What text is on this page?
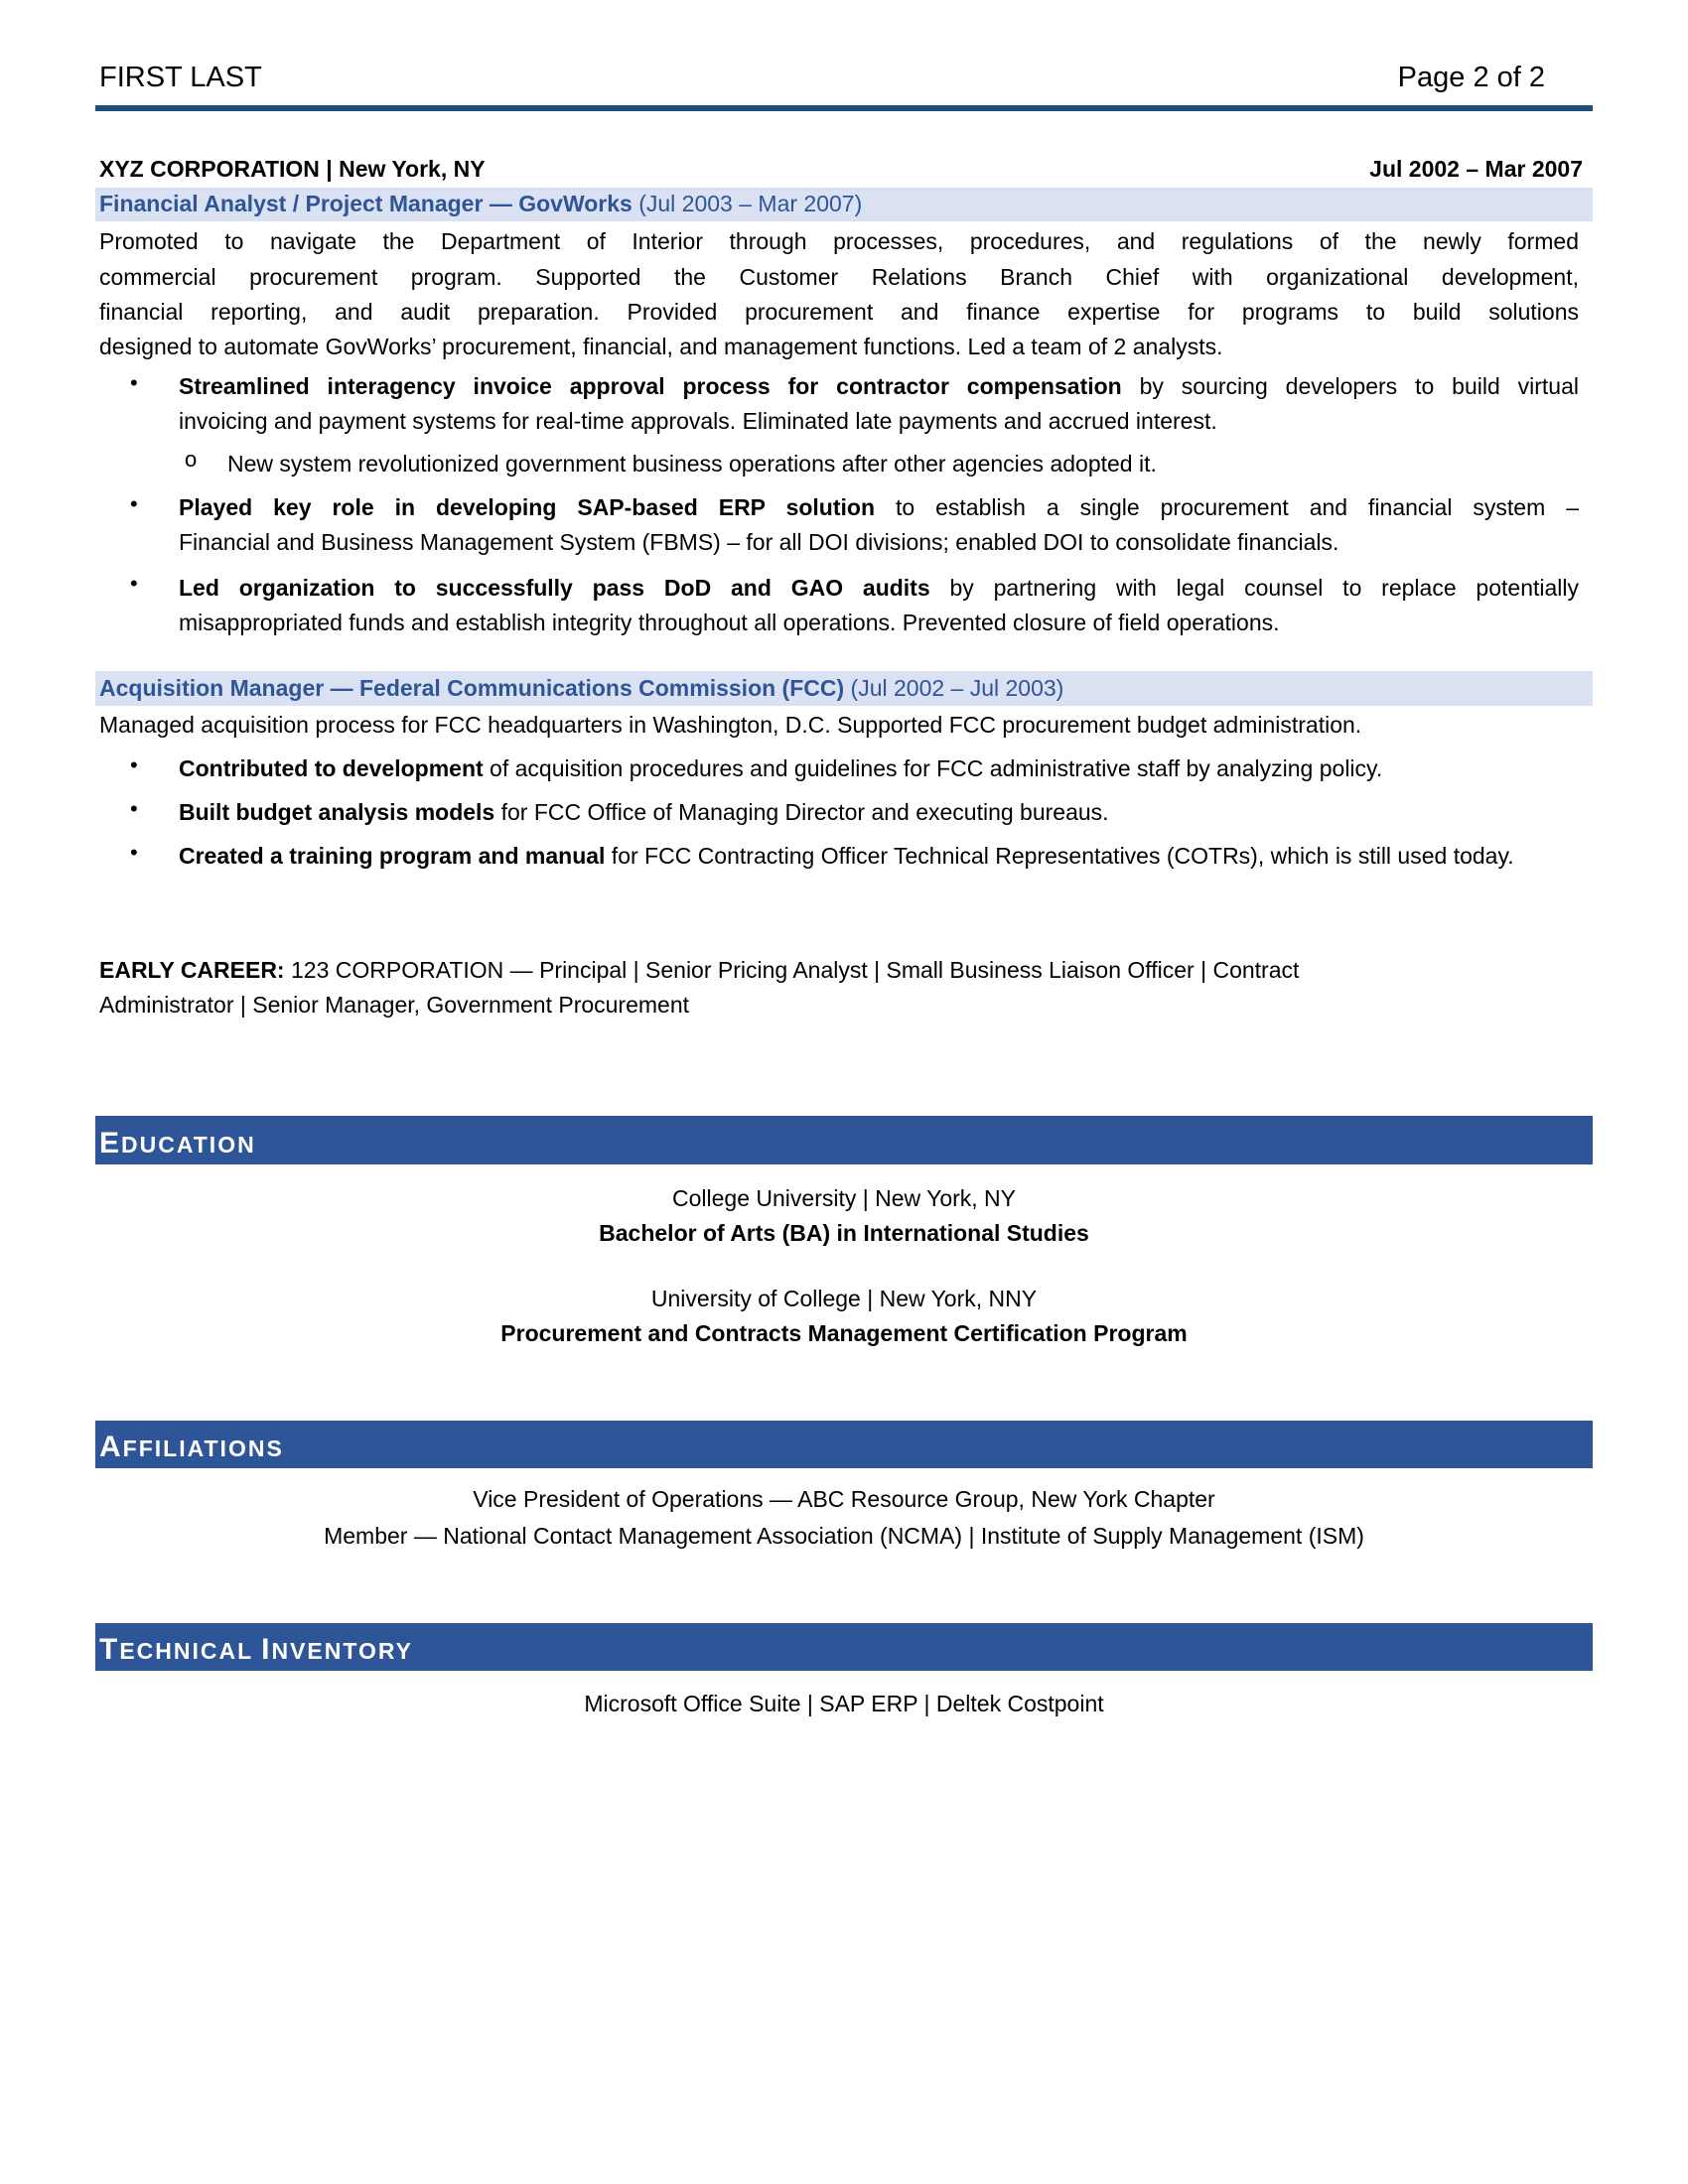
FIRST LAST	Page 2 of 2
XYZ CORPORATION | New York, NY	Jul 2002 – Mar 2007
Financial Analyst / Project Manager — GovWorks (Jul 2003 – Mar 2007)
Promoted to navigate the Department of Interior through processes, procedures, and regulations of the newly formed
commercial procurement program. Supported the Customer Relations Branch Chief with organizational development,
financial reporting, and audit preparation. Provided procurement and finance expertise for programs to build solutions
designed to automate GovWorks’ procurement, financial, and management functions. Led a team of 2 analysts.
• Streamlined interagency invoice approval process for contractor compensation by sourcing developers to build virtual
invoicing and payment systems for real-time approvals. Eliminated late payments and accrued interest.
o New system revolutionized government business operations after other agencies adopted it.
• Played key role in developing SAP-based ERP solution to establish a single procurement and financial system –
Financial and Business Management System (FBMS) – for all DOI divisions; enabled DOI to consolidate financials.
• Led organization to successfully pass DoD and GAO audits by partnering with legal counsel to replace potentially
misappropriated funds and establish integrity throughout all operations. Prevented closure of field operations.
Acquisition Manager — Federal Communications Commission (FCC) (Jul 2002 – Jul 2003)
Managed acquisition process for FCC headquarters in Washington, D.C. Supported FCC procurement budget administration.
• Contributed to development of acquisition procedures and guidelines for FCC administrative staff by analyzing policy.
• Built budget analysis models for FCC Office of Managing Director and executing bureaus.
• Created a training program and manual for FCC Contracting Officer Technical Representatives (COTRs), which is still used today.
EARLY CAREER: 123 CORPORATION — Principal | Senior Pricing Analyst | Small Business Liaison Officer | Contract
Administrator | Senior Manager, Government Procurement
EDUCATION
College University | New York, NY
Bachelor of Arts (BA) in International Studies
University of College | New York, NNY
Procurement and Contracts Management Certification Program
AFFILIATIONS
Vice President of Operations — ABC Resource Group, New York Chapter
Member — National Contact Management Association (NCMA) | Institute of Supply Management (ISM)
TECHNICAL INVENTORY
Microsoft Office Suite | SAP ERP | Deltek Costpoint
